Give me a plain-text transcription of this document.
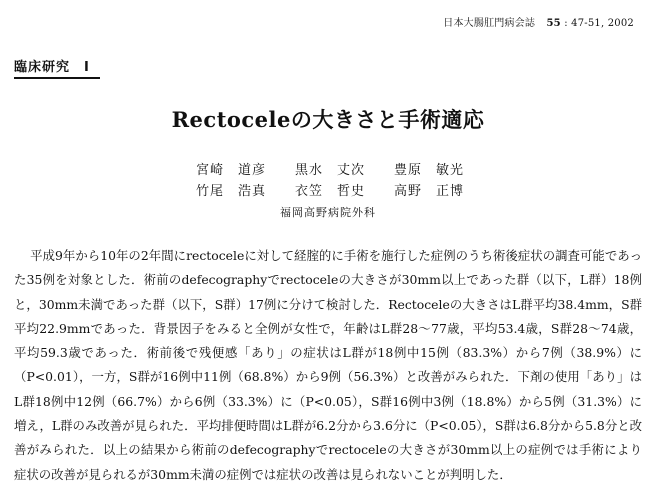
日本大腸肛門病会誌 55 : 47-51, 2002
臨床研究　I
Rectoceleの大きさと手術適応
宮崎　道彦	黒水　丈次	豊原　敏光
竹尾　浩真	衣笠　哲史	高野　正博
福岡高野病院外科

平成9年から10年の2年間にrectoceleに対して経腟的に手術を施行した症例のうち術後症状の調査可能であった35例を対象とした．術前のdefecographyでrectoceleの大きさが30mm以上であった群（以下，L群）18例と，30mm未満であった群（以下，S群）17例に分けて検討した．Rectoceleの大きさはL群平均38.4mm，S群平均22.9mmであった．背景因子をみると全例が女性で，年齢はL群28～77歳，平均53.4歳，S群28～74歳，平均59.3歳であった．術前後で残便感「あり」の症状はL群が18例中15例（83.3%）から7例（38.9%）に（P<0.01），一方，S群が16例中11例（68.8%）から9例（56.3%）と改善がみられた．下剤の使用「あり」はL群18例中12例（66.7%）から6例（33.3%）に（P<0.05），S群16例中3例（18.8%）から5例（31.3%）に増え，L群のみ改善が見られた．平均排便時間はL群が6.2分から3.6分に（P<0.05），S群は6.8分から5.8分と改善がみられた．以上の結果から術前のdefecographyでrectoceleの大きさが30mm以上の症例では手術により症状の改善が見られるが30mm未満の症例では症状の改善は見られないことが判明した．
